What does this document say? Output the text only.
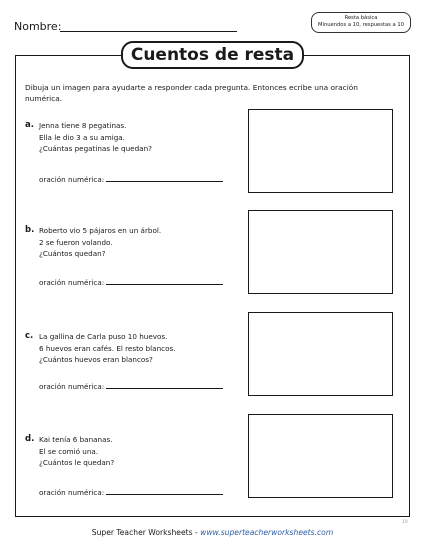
Nombre:
Resta básica
Minuendos a 10, respuestas a 10
Cuentos de resta
Dibuja un imagen para ayudarte a responder cada pregunta. Entonces ecribe una oración numérica.
a. Jenna tiene 8 pegatinas.
Ella le dio 3 a su amiga.
¿Cuántas pegatinas le quedan?
oración numérica:
b. Roberto vio 5 pájaros en un árbol.
2 se fueron volando.
¿Cuántos quedan?
oración numérica:
c. La gallina de Carla puso 10 huevos.
6 huevos eran cafés. El resto blancos.
¿Cuántos huevos eran blancos?
oración numérica:
d. Kai tenía 6 bananas.
El se comió una.
¿Cuántos le quedan?
oración numérica:
Super Teacher Worksheets - www.superteacherworksheets.com
10
